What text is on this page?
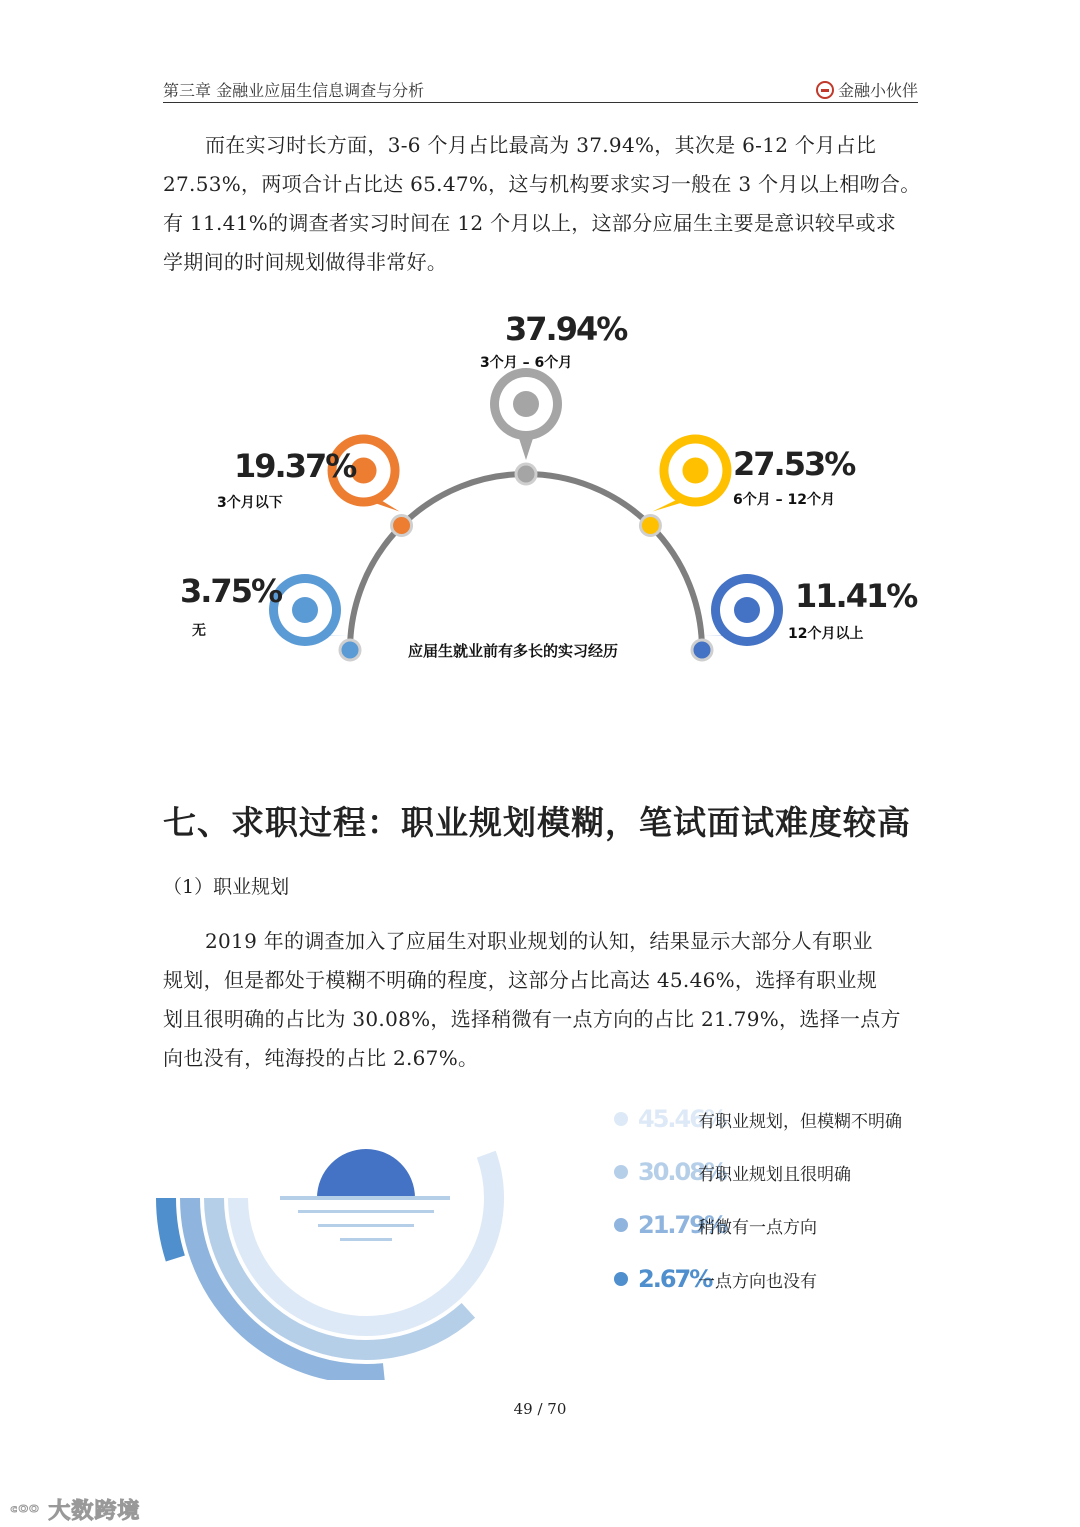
第三章 金融业应届生信息调查与分析	金融小伙伴
而在实习时长方面，3-6 个月占比最高为 37.94%，其次是 6-12 个月占比
27.53%，两项合计占比达 65.47%，这与机构要求实习一般在 3 个月以上相吻合。
有 11.41%的调查者实习时间在 12 个月以上，这部分应届生主要是意识较早或求
学期间的时间规划做得非常好。
3.75%
无
19.37%
3个月以下
37.94%
3个月 – 6个月
27.53%
6个月 – 12个月
11.41%
12个月以上
应届生就业前有多长的实习经历
七、求职过程：职业规划模糊，笔试面试难度较高
（1）职业规划
2019 年的调查加入了应届生对职业规划的认知，结果显示大部分人有职业
规划，但是都处于模糊不明确的程度，这部分占比高达 45.46%，选择有职业规
划且很明确的占比为 30.08%，选择稍微有一点方向的占比 21.79%，选择一点方
向也没有，纯海投的占比 2.67%。
45.46%
有职业规划，但模糊不明确
30.08%
有职业规划且很明确
21.79%
稍微有一点方向
2.67%
一点方向也没有
49 / 70
ᶜᴼᴼ 大数跨境
